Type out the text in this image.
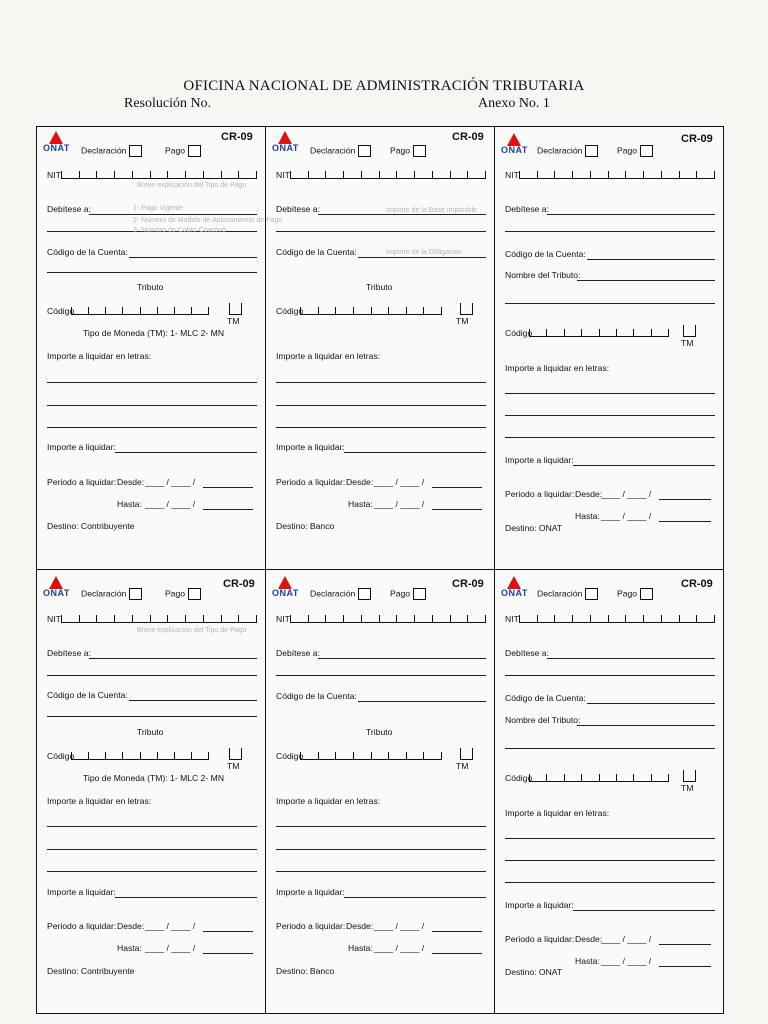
OFICINA NACIONAL DE ADMINISTRACIÓN TRIBUTARIA
Resolución No.	Anexo No. 1
ONAT Declaración	Pago
CR-09
NIT
Breve explicación del Tipo de Pago
Debítese a:	1- Pago Vigente
2- Número de Modelo de Aplazamiento de Pago
3- Número de Cobro Coactivo
Código de la Cuenta:
Tributo
Código
TM
Tipo de Moneda (TM): 1- MLC 2- MN
Importe a liquidar en letras:
Importe a liquidar:
Periodo a liquidar: Desde: ____ / ____ /
Hasta: ____ / ____ /
Destino: Contribuyente
ONAT Declaración	Pago
CR-09
NIT
Debítese a:	Importe de la Base Imponible
Código de la Cuenta:	Importe de la Obligación
Tributo
Código
TM
Importe a liquidar en letras:
Importe a liquidar:
Periodo a liquidar: Desde: ____ / ____ /
Hasta: ____ / ____ /
Destino: Banco
ONAT Declaración	Pago
CR-09
NIT
Debítese a:
Código de la Cuenta:
Nombre del Tributo:
Código
TM
Importe a liquidar en letras:
Importe a liquidar:
Periodo a liquidar: Desde:
____ / ____ /
Hasta: ____ / ____ /
Destino: ONAT
ONAT Declaración	Pago
CR-09
NIT
Breve explicación del Tipo de Pago
Debítese a:
Código de la Cuenta:
Tributo
Código
TM
Tipo de Moneda (TM): 1- MLC 2- MN
Importe a liquidar en letras:
Importe a liquidar:
Periodo a liquidar: Desde: ____ / ____ /
Hasta: ____ / ____ /
Destino: Contribuyente
ONAT Declaración	Pago
CR-09
NIT
Debítese a:
Código de la Cuenta:
Tributo
Código
TM
Importe a liquidar en letras:
Importe a liquidar:
Periodo a liquidar: Desde: ____ / ____ /
Hasta: ____ / ____ /
Destino: Banco
ONAT Declaración	Pago
CR-09
NIT
Debítese a:
Código de la Cuenta:
Nombre del Tributo:
Código
TM
Importe a liquidar en letras:
Importe a liquidar:
Periodo a liquidar: Desde:
____ / ____ /
Hasta: ____ / ____ /
Destino: ONAT
